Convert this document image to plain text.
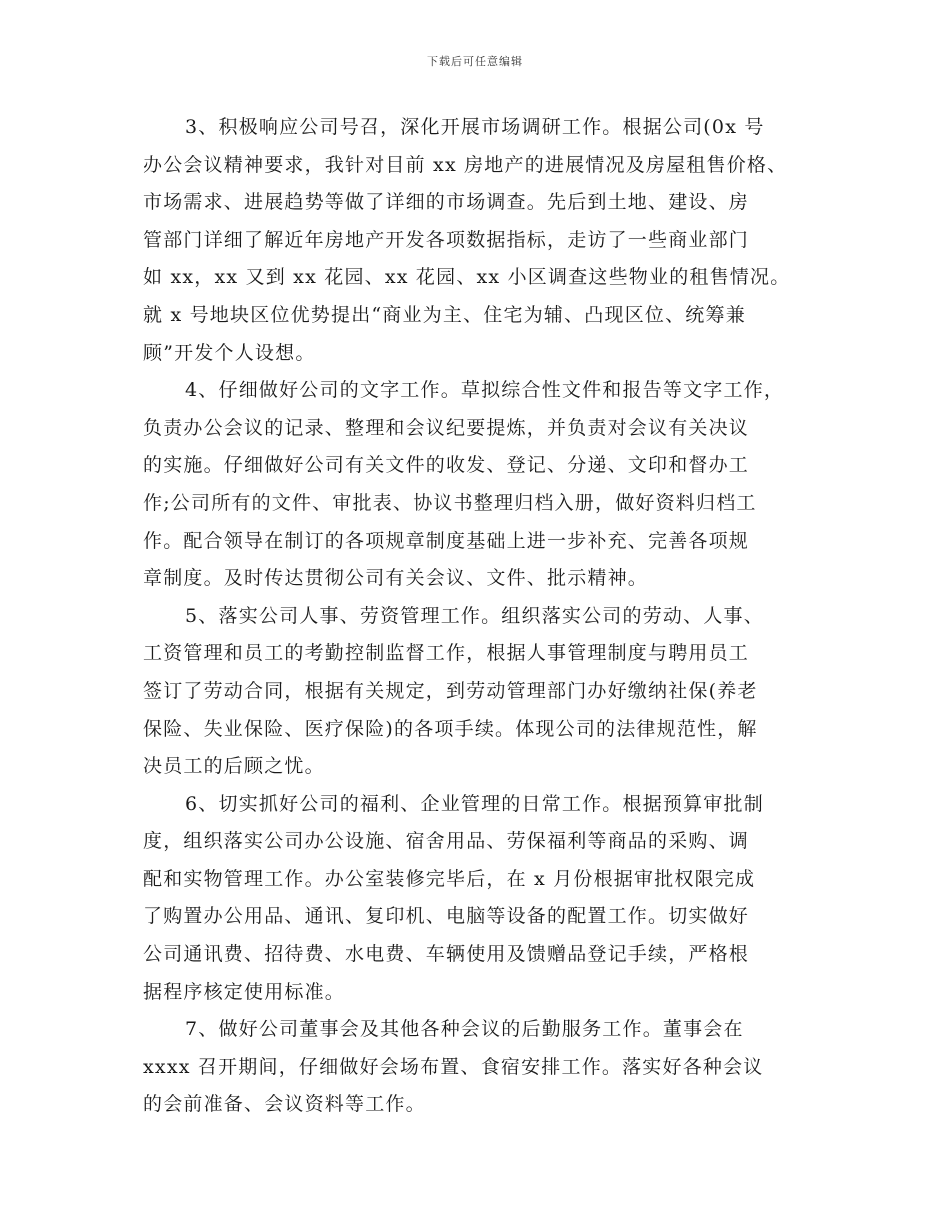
下载后可任意编辑
3、积极响应公司号召，深化开展市场调研工作。根据公司(0x 号
办公会议精神要求，我针对目前 xx 房地产的进展情况及房屋租售价格、
市场需求、进展趋势等做了详细的市场调查。先后到土地、建设、房
管部门详细了解近年房地产开发各项数据指标，走访了一些商业部门
如 xx，xx 又到 xx 花园、xx 花园、xx 小区调查这些物业的租售情况。
就 x 号地块区位优势提出“商业为主、住宅为辅、凸现区位、统筹兼
顾”开发个人设想。
4、仔细做好公司的文字工作。草拟综合性文件和报告等文字工作，
负责办公会议的记录、整理和会议纪要提炼，并负责对会议有关决议
的实施。仔细做好公司有关文件的收发、登记、分递、文印和督办工
作;公司所有的文件、审批表、协议书整理归档入册，做好资料归档工
作。配合领导在制订的各项规章制度基础上进一步补充、完善各项规
章制度。及时传达贯彻公司有关会议、文件、批示精神。
5、落实公司人事、劳资管理工作。组织落实公司的劳动、人事、
工资管理和员工的考勤控制监督工作，根据人事管理制度与聘用员工
签订了劳动合同，根据有关规定，到劳动管理部门办好缴纳社保(养老
保险、失业保险、医疗保险)的各项手续。体现公司的法律规范性，解
决员工的后顾之忧。
6、切实抓好公司的福利、企业管理的日常工作。根据预算审批制
度，组织落实公司办公设施、宿舍用品、劳保福利等商品的采购、调
配和实物管理工作。办公室装修完毕后，在 x 月份根据审批权限完成
了购置办公用品、通讯、复印机、电脑等设备的配置工作。切实做好
公司通讯费、招待费、水电费、车辆使用及馈赠品登记手续，严格根
据程序核定使用标准。
7、做好公司董事会及其他各种会议的后勤服务工作。董事会在
xxxx 召开期间，仔细做好会场布置、食宿安排工作。落实好各种会议
的会前准备、会议资料等工作。
